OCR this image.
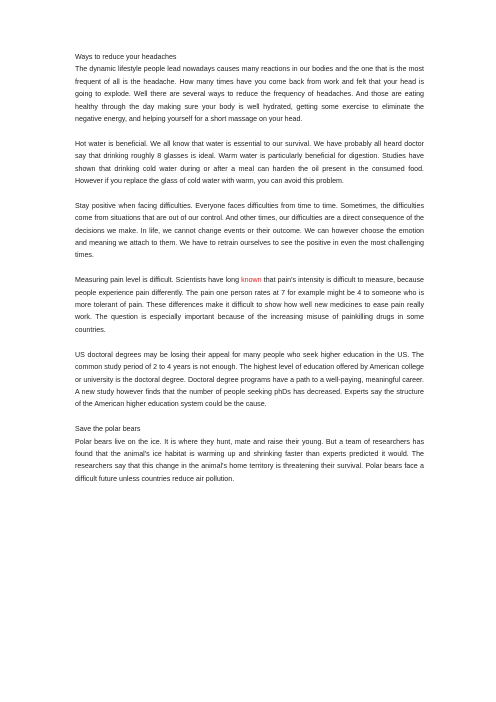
Ways to reduce your headaches

The dynamic lifestyle people lead nowadays causes many reactions in our bodies and the one that is the most frequent of all is the headache. How many times have you come back from work and felt that your head is going to explode. Well there are several ways to reduce the frequency of headaches. And those are eating healthy through the day making sure your body is well hydrated, getting some exercise to eliminate the negative energy, and helping yourself for a short massage on your head.

Hot water is beneficial. We all know that water is essential to our survival. We have probably all heard doctor say that drinking roughly 8 glasses is ideal. Warm water is particularly beneficial for digestion. Studies have shown that drinking cold water during or after a meal can harden the oil present in the consumed food. However if you replace the glass of cold water with warm, you can avoid this problem.

Stay positive when facing difficulties. Everyone faces difficulties from time to time. Sometimes, the difficulties come from situations that are out of our control. And other times, our difficulties are a direct consequence of the decisions we make. In life, we cannot change events or their outcome. We can however choose the emotion and meaning we attach to them. We have to retrain ourselves to see the positive in even the most challenging times.

Measuring pain level is difficult. Scientists have long known that pain's intensity is difficult to measure, because people experience pain differently. The pain one person rates at 7 for example might be 4 to someone who is more tolerant of pain. These differences make it difficult to show how well new medicines to ease pain really work. The question is especially important because of the increasing misuse of painkilling drugs in some countries.

US doctoral degrees may be losing their appeal for many people who seek higher education in the US. The common study period of 2 to 4 years is not enough. The highest level of education offered by American college or university is the doctoral degree. Doctoral degree programs have a path to a well-paying, meaningful career. A new study however finds that the number of people seeking phDs has decreased. Experts say the structure of the American higher education system could be the cause.

Save the polar bears

Polar bears live on the ice. It is where they hunt, mate and raise their young. But a team of researchers has found that the animal's ice habitat is warming up and shrinking faster than experts predicted it would. The researchers say that this change in the animal's home territory is threatening their survival. Polar bears face a difficult future unless countries reduce air pollution.
